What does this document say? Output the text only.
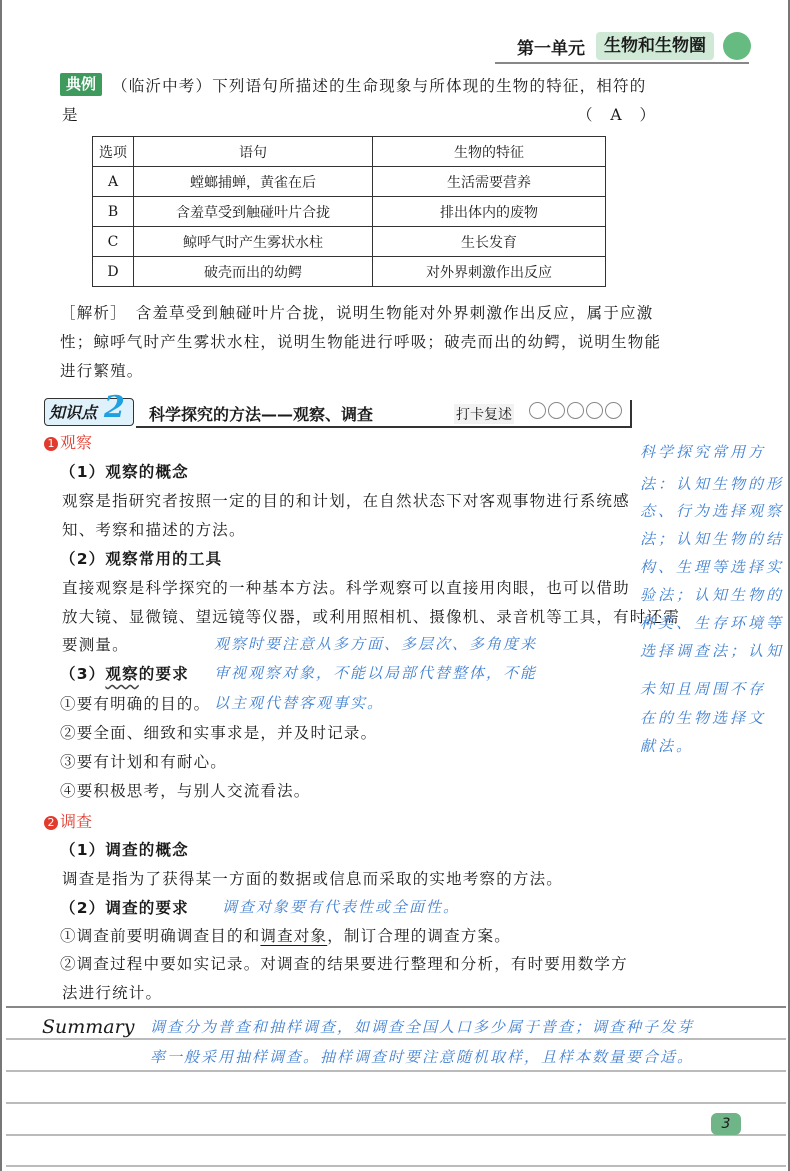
第一单元	生物和生物圈
典例	（临沂中考）下列语句所描述的生命现象与所体现的生物的特征，相符的
是	（　A　）
选项	语句	生物的特征
A	螳螂捕蝉，黄雀在后	生活需要营养
B	含羞草受到触碰叶片合拢	排出体内的废物
C	鲸呼气时产生雾状水柱	生长发育
D	破壳而出的幼鳄	对外界刺激作出反应
［解析］　含羞草受到触碰叶片合拢，说明生物能对外界刺激作出反应，属于应激
性；鲸呼气时产生雾状水柱，说明生物能进行呼吸；破壳而出的幼鳄，说明生物能
进行繁殖。
知识点 2 科学探究的方法——观察、调查	打卡复述
1 观察
（1）观察的概念
观察是指研究者按照一定的目的和计划，在自然状态下对客观事物进行系统感
知、考察和描述的方法。
（2）观察常用的工具
直接观察是科学探究的一种基本方法。科学观察可以直接用肉眼，也可以借助
放大镜、显微镜、望远镜等仪器，或利用照相机、摄像机、录音机等工具，有时还需
要测量。
（3）观察的要求
①要有明确的目的。
②要全面、细致和实事求是，并及时记录。
③要有计划和有耐心。
④要积极思考，与别人交流看法。
2 调查
（1）调查的概念
调查是指为了获得某一方面的数据或信息而采取的实地考察的方法。
（2）调查的要求
①调查前要明确调查目的和调查对象，制订合理的调查方案。
②调查过程中要如实记录。对调查的结果要进行整理和分析，有时要用数学方
法进行统计。
科学探究常用方
法：认知生物的形
态、行为选择观察
法；认知生物的结
构、生理等选择实
验法；认知生物的
种类、生存环境等
选择调查法；认知
未知且周围不存
在的生物选择文
献法。
观察时要注意从多方面、多层次、多角度来
审视观察对象，不能以局部代替整体，不能
以主观代替客观事实。
调查对象要有代表性或全面性。
Summary 调查分为普查和抽样调查，如调查全国人口多少属于普查；调查种子发芽
率一般采用抽样调查。抽样调查时要注意随机取样，且样本数量要合适。
3
